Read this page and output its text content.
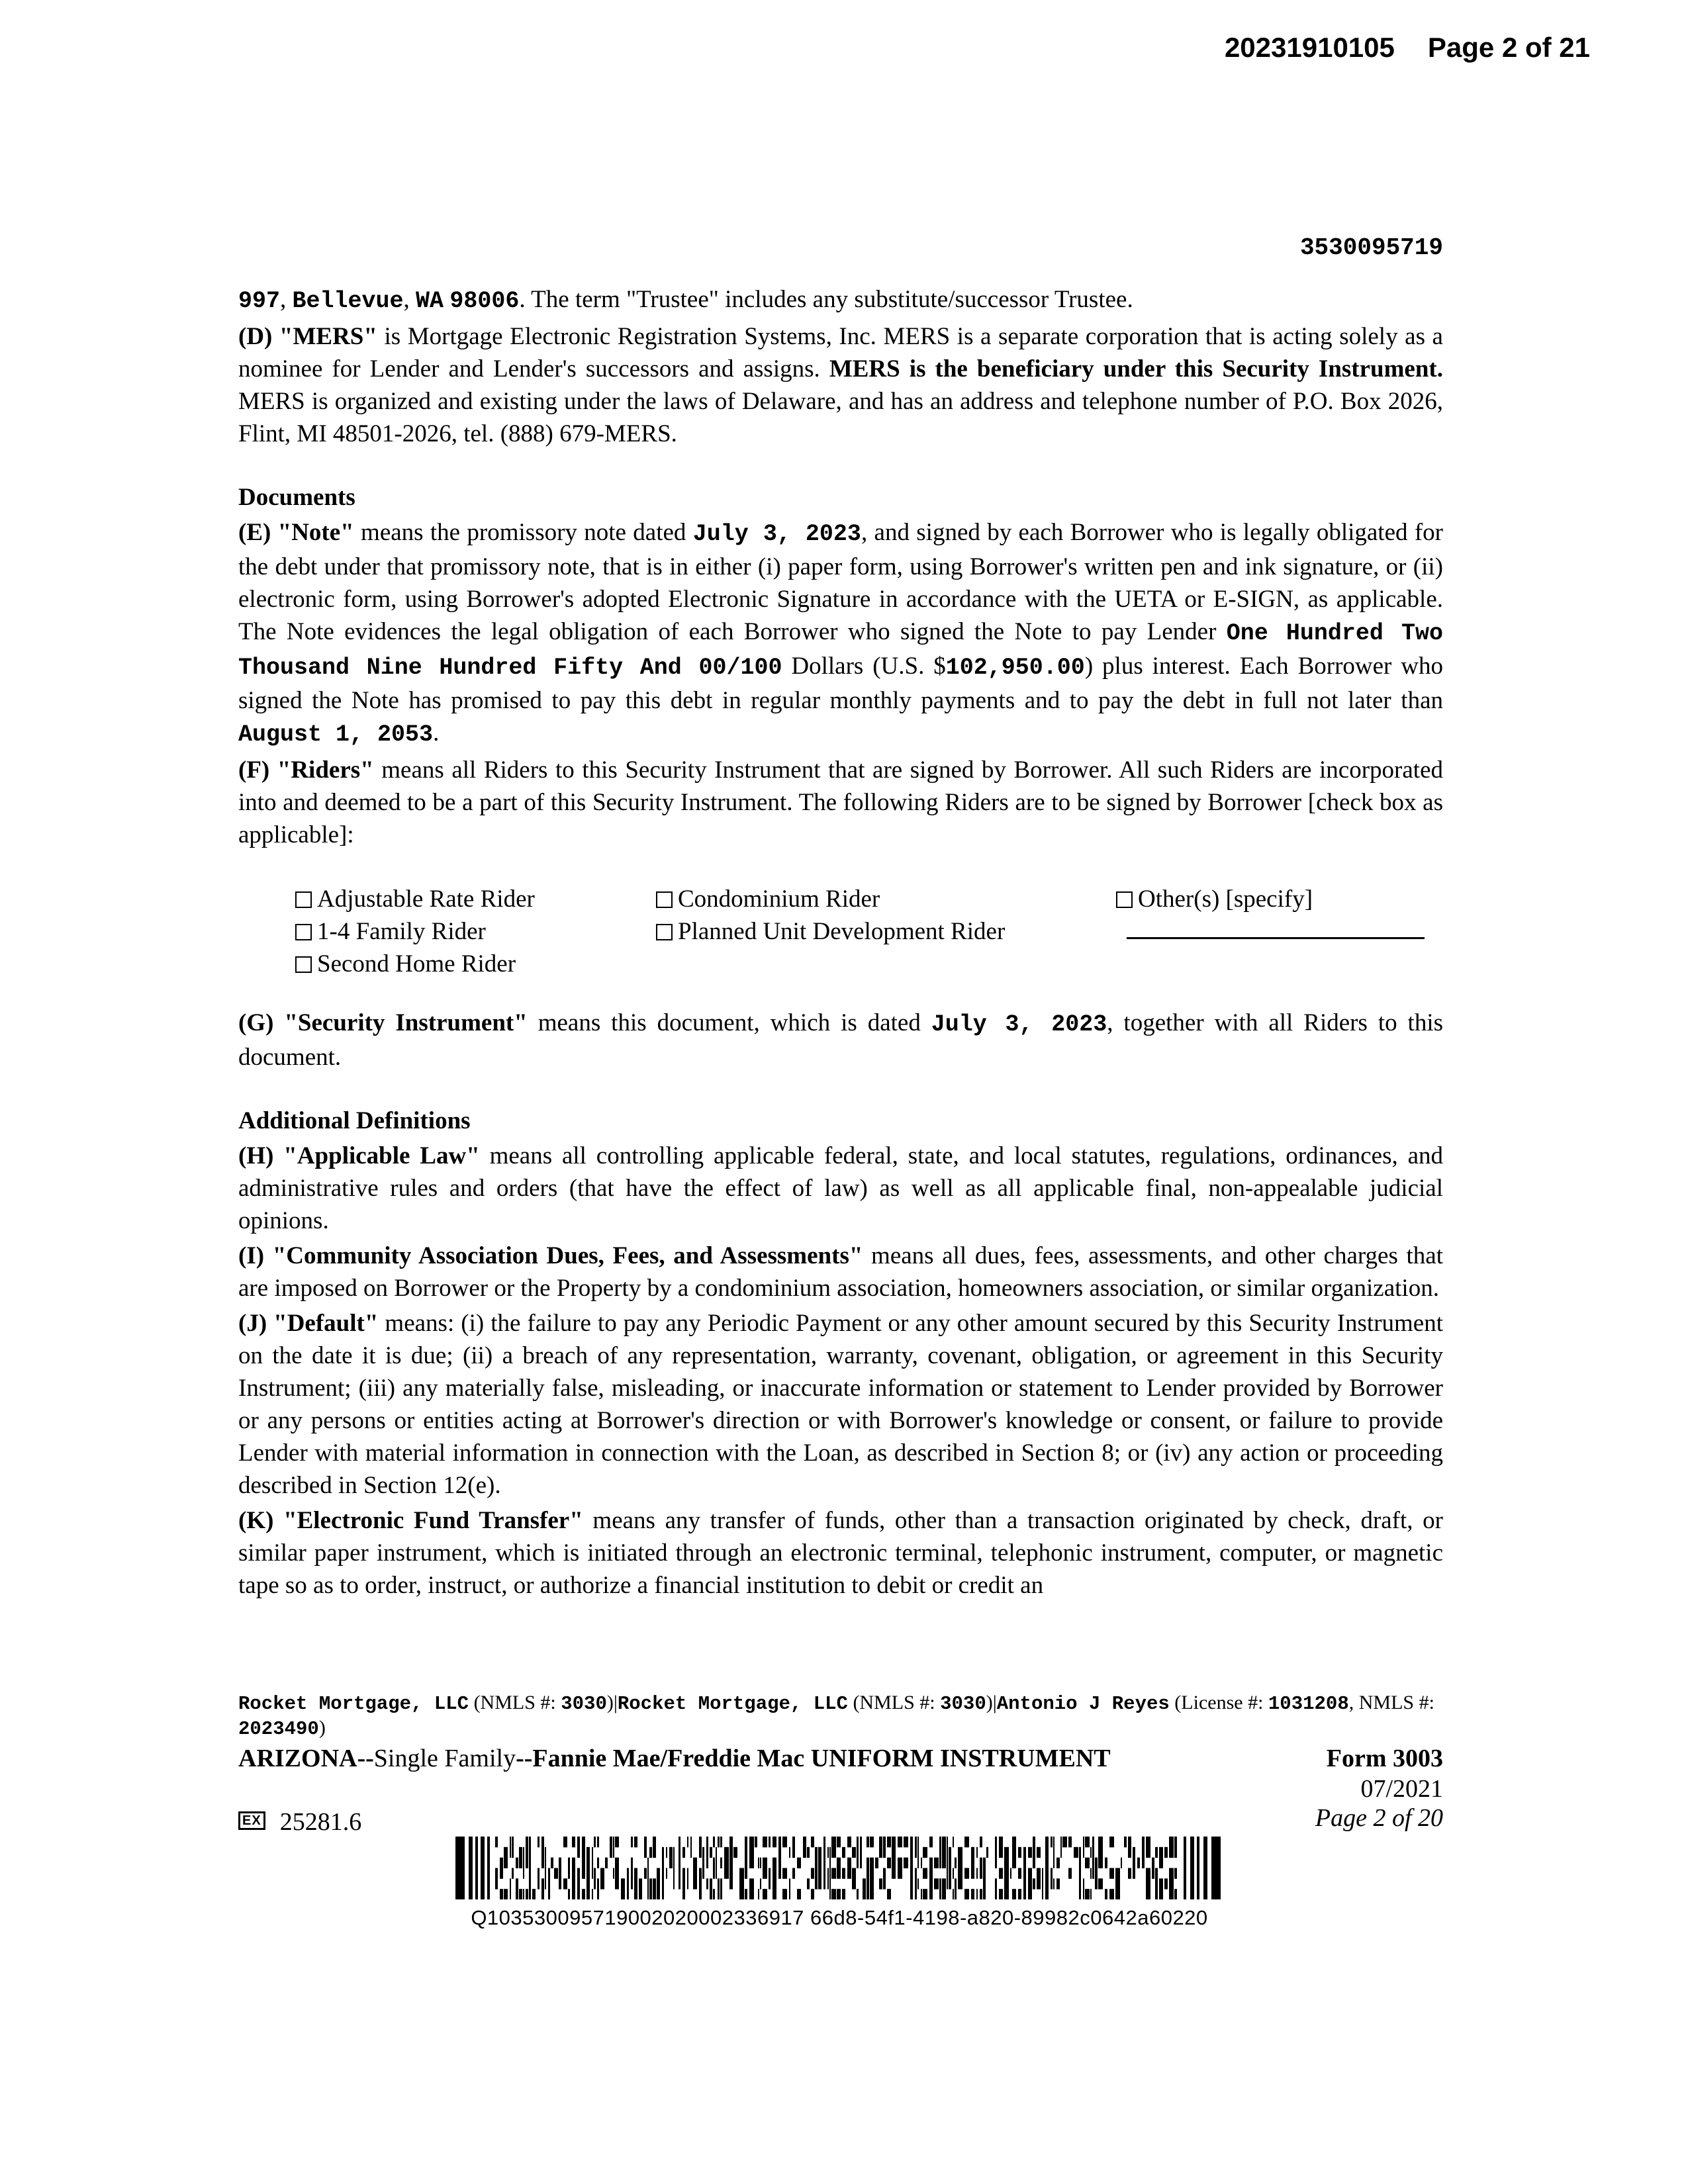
20231910105 Page 2 of 21
3530095719

997, Bellevue, WA 98006. The term "Trustee" includes any substitute/successor Trustee.

(D) "MERS" is Mortgage Electronic Registration Systems, Inc. MERS is a separate corporation that is acting solely as a nominee for Lender and Lender's successors and assigns. MERS is the beneficiary under this Security Instrument. MERS is organized and existing under the laws of Delaware, and has an address and telephone number of P.O. Box 2026, Flint, MI 48501-2026, tel. (888) 679-MERS.

Documents

(E) "Note" means the promissory note dated July 3, 2023, and signed by each Borrower who is legally obligated for the debt under that promissory note, that is in either (i) paper form, using Borrower's written pen and ink signature, or (ii) electronic form, using Borrower's adopted Electronic Signature in accordance with the UETA or E-SIGN, as applicable. The Note evidences the legal obligation of each Borrower who signed the Note to pay Lender One Hundred Two Thousand Nine Hundred Fifty And 00/100 Dollars (U.S. $102,950.00) plus interest. Each Borrower who signed the Note has promised to pay this debt in regular monthly payments and to pay the debt in full not later than August 1, 2053.

(F) "Riders" means all Riders to this Security Instrument that are signed by Borrower. All such Riders are incorporated into and deemed to be a part of this Security Instrument. The following Riders are to be signed by Borrower [check box as applicable]:

Adjustable Rate Rider	Condominium Rider	Other(s) [specify]
1-4 Family Rider	Planned Unit Development Rider
Second Home Rider

(G) "Security Instrument" means this document, which is dated July 3, 2023, together with all Riders to this document.

Additional Definitions

(H) "Applicable Law" means all controlling applicable federal, state, and local statutes, regulations, ordinances, and administrative rules and orders (that have the effect of law) as well as all applicable final, non-appealable judicial opinions.

(I) "Community Association Dues, Fees, and Assessments" means all dues, fees, assessments, and other charges that are imposed on Borrower or the Property by a condominium association, homeowners association, or similar organization.

(J) "Default" means: (i) the failure to pay any Periodic Payment or any other amount secured by this Security Instrument on the date it is due; (ii) a breach of any representation, warranty, covenant, obligation, or agreement in this Security Instrument; (iii) any materially false, misleading, or inaccurate information or statement to Lender provided by Borrower or any persons or entities acting at Borrower's direction or with Borrower's knowledge or consent, or failure to provide Lender with material information in connection with the Loan, as described in Section 8; or (iv) any action or proceeding described in Section 12(e).

(K) "Electronic Fund Transfer" means any transfer of funds, other than a transaction originated by check, draft, or similar paper instrument, which is initiated through an electronic terminal, telephonic instrument, computer, or magnetic tape so as to order, instruct, or authorize a financial institution to debit or credit an

Rocket Mortgage, LLC (NMLS #: 3030)|Rocket Mortgage, LLC (NMLS #: 3030)|Antonio J Reyes (License #: 1031208, NMLS #: 2023490)
ARIZONA--Single Family--Fannie Mae/Freddie Mac UNIFORM INSTRUMENT	Form 3003
EX 25281.6
07/2021
Page 2 of 20
Q103530095719002020002336917 66d8-54f1-4198-a820-89982c0642a60220
